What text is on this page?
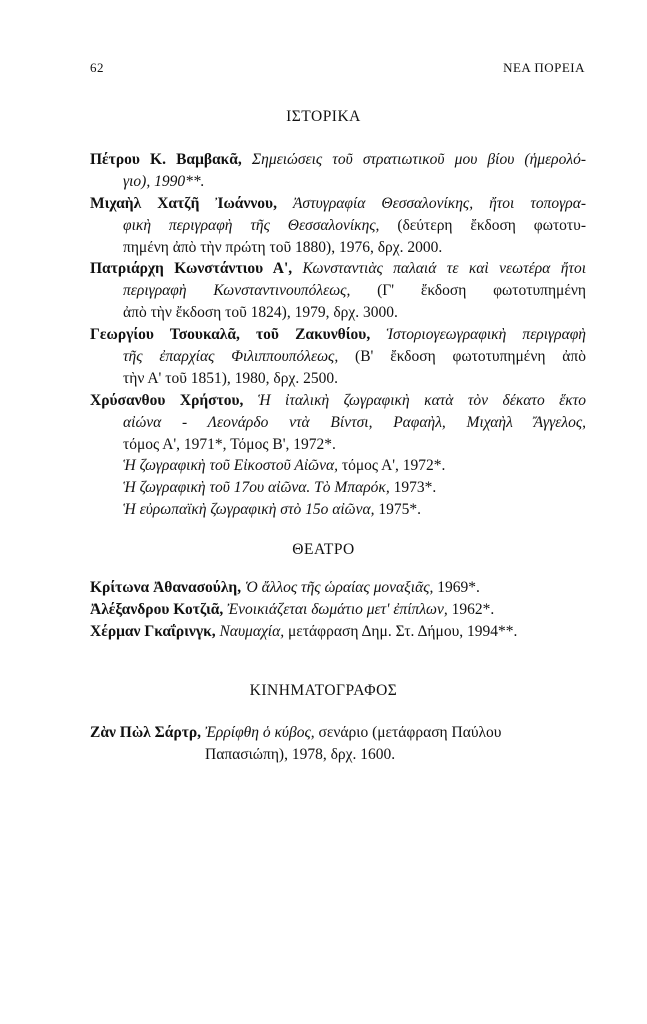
62	ΝΕΑ ΠΟΡΕΙΑ
ΙΣΤΟΡΙΚΑ
Πέτρου Κ. Βαμβακᾶ, Σημειώσεις τοῦ στρατιωτικοῦ μου βίου (ἡμερολό-
γιο), 1990**.
Μιχαὴλ Χατζῆ Ἰωάννου, Ἀστυγραφία Θεσσαλονίκης, ἤτοι τοπογρα-
φικὴ περιγραφὴ τῆς Θεσσαλονίκης, (δεύτερη ἔκδοση φωτοτυ-
πημένη ἀπὸ τὴν πρώτη τοῦ 1880), 1976, δρχ. 2000.
Πατριάρχη Κωνστάντιου Α', Κωνσταντιὰς παλαιά τε καὶ νεωτέρα ἤτοι
περιγραφὴ Κωνσταντινουπόλεως, (Γ' ἔκδοση φωτοτυπημένη
ἀπὸ τὴν ἔκδοση τοῦ 1824), 1979, δρχ. 3000.
Γεωργίου Τσουκαλᾶ, τοῦ Ζακυνθίου, Ἱστοριογεωγραφικὴ περιγραφὴ
τῆς ἐπαρχίας Φιλιππουπόλεως, (Β' ἔκδοση φωτοτυπημένη ἀπὸ
τὴν Α' τοῦ 1851), 1980, δρχ. 2500.
Χρύσανθου Χρήστου, Ἡ ἰταλικὴ ζωγραφικὴ κατὰ τὸν δέκατο ἕκτο
αἰώνα - Λεονάρδο ντὰ Βίντσι, Ραφαὴλ, Μιχαὴλ Ἄγγελος,
τόμος Α', 1971*, Τόμος Β', 1972*.
Ἡ ζωγραφικὴ τοῦ Εἰκοστοῦ Αἰῶνα, τόμος Α', 1972*.
Ἡ ζωγραφικὴ τοῦ 17ου αἰῶνα. Τὸ Μπαρόκ, 1973*.
Ἡ εὐρωπαϊκὴ ζωγραφικὴ στὸ 15ο αἰῶνα, 1975*.
ΘΕΑΤΡΟ
Κρίτωνα Ἀθανασούλη, Ὁ ἄλλος τῆς ὡραίας μοναξιᾶς, 1969*.
Ἀλέξανδρου Κοτζιᾶ, Ἐνοικιάζεται δωμάτιο μετ' ἐπίπλων, 1962*.
Χέρμαν Γκαΐρινγκ, Ναυμαχία, μετάφραση Δημ. Στ. Δήμου, 1994**.
ΚΙΝΗΜΑΤΟΓΡΑΦΟΣ
Ζὰν Πὼλ Σάρτρ, Ἐρρίφθη ὁ κύβος, σενάριο (μετάφραση Παύλου
Παπασιώπη), 1978, δρχ. 1600.
